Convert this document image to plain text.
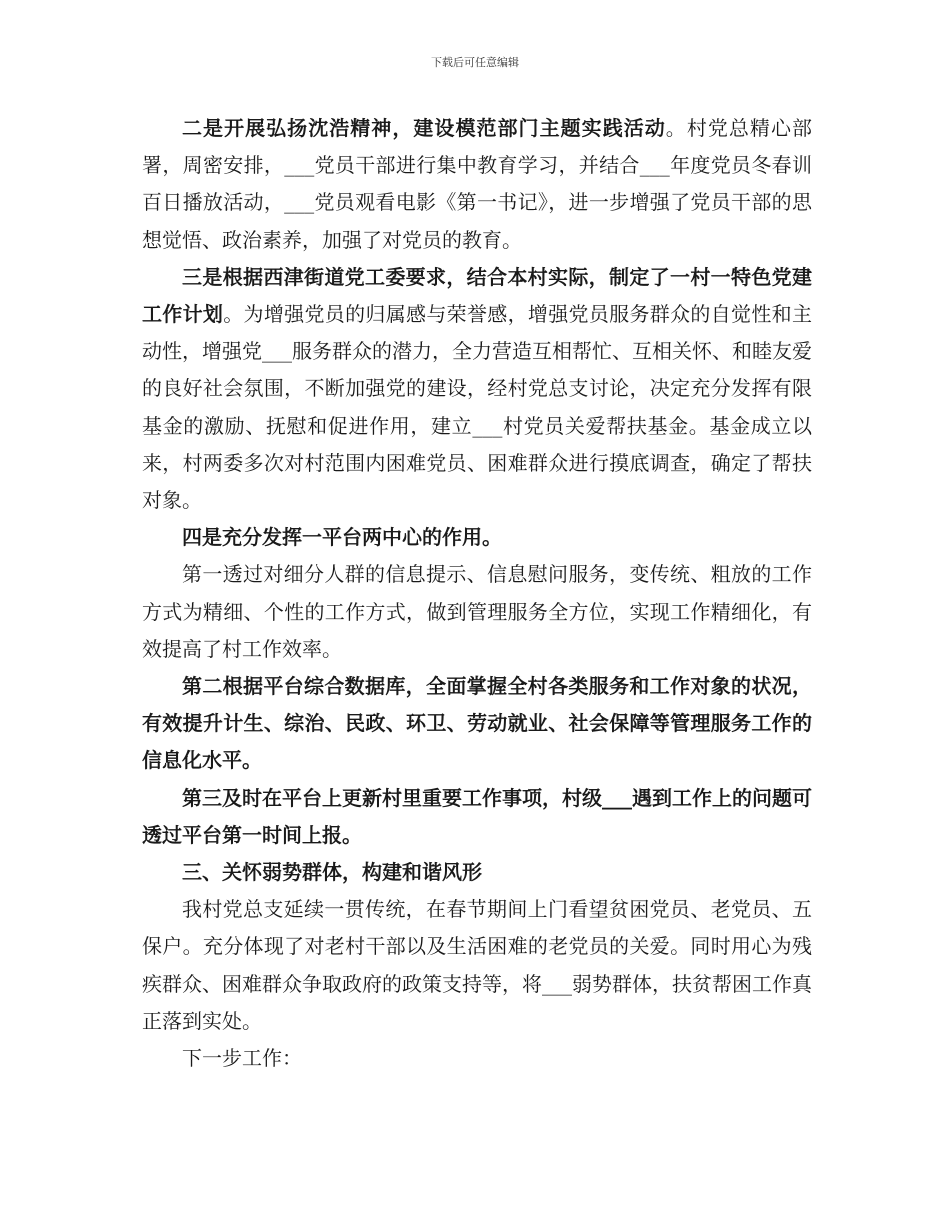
下载后可任意编辑

二是开展弘扬沈浩精神，建设模范部门主题实践活动。村党总精心部署，周密安排，___党员干部进行集中教育学习，并结合___年度党员冬春训百日播放活动，___党员观看电影《第一书记》，进一步增强了党员干部的思想觉悟、政治素养，加强了对党员的教育。

三是根据西津街道党工委要求，结合本村实际，制定了一村一特色党建工作计划。为增强党员的归属感与荣誉感，增强党员服务群众的自觉性和主动性，增强党___服务群众的潜力，全力营造互相帮忙、互相关怀、和睦友爱的良好社会氛围，不断加强党的建设，经村党总支讨论，决定充分发挥有限基金的激励、抚慰和促进作用，建立___村党员关爱帮扶基金。基金成立以来，村两委多次对村范围内困难党员、困难群众进行摸底调查，确定了帮扶对象。

四是充分发挥一平台两中心的作用。

第一透过对细分人群的信息提示、信息慰问服务，变传统、粗放的工作方式为精细、个性的工作方式，做到管理服务全方位，实现工作精细化，有效提高了村工作效率。

第二根据平台综合数据库，全面掌握全村各类服务和工作对象的状况，有效提升计生、综治、民政、环卫、劳动就业、社会保障等管理服务工作的信息化水平。

第三及时在平台上更新村里重要工作事项，村级___遇到工作上的问题可透过平台第一时间上报。

三、关怀弱势群体，构建和谐风形

我村党总支延续一贯传统，在春节期间上门看望贫困党员、老党员、五保户。充分体现了对老村干部以及生活困难的老党员的关爱。同时用心为残疾群众、困难群众争取政府的政策支持等，将___弱势群体，扶贫帮困工作真正落到实处。

下一步工作：
